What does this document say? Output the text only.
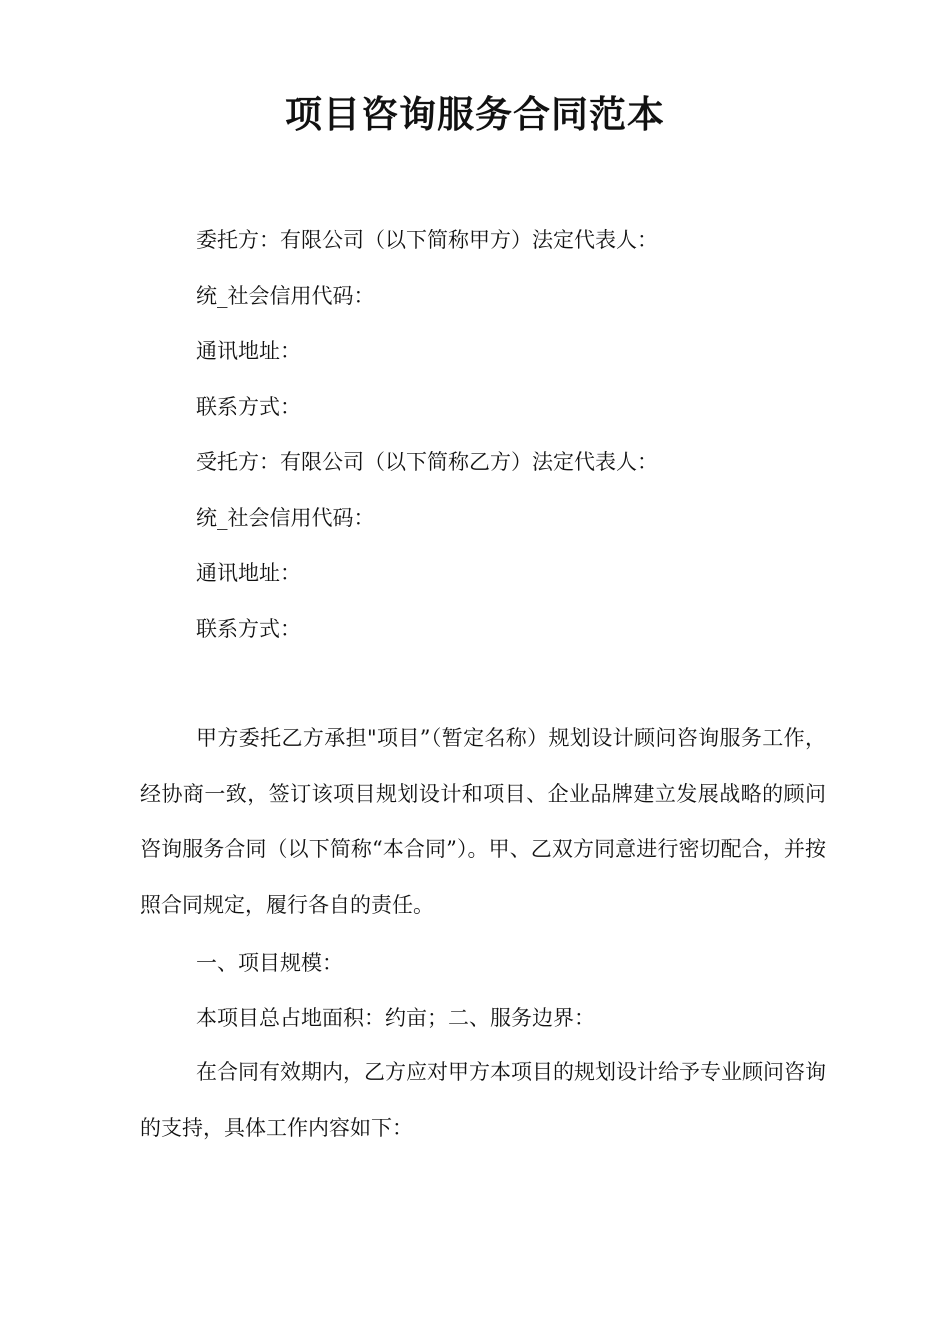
项目咨询服务合同范本

委托方：有限公司（以下简称甲方）法定代表人：

统_社会信用代码：

通讯地址：

联系方式：

受托方：有限公司（以下简称乙方）法定代表人：

统_社会信用代码：

通讯地址：

联系方式：

甲方委托乙方承担"项目”（暂定名称）规划设计顾问咨询服务工作，经协商一致，签订该项目规划设计和项目、企业品牌建立发展战略的顾问咨询服务合同（以下简称“本合同”）。甲、乙双方同意进行密切配合，并按照合同规定，履行各自的责任。

一、项目规模：

本项目总占地面积：约亩；二、服务边界：

在合同有效期内，乙方应对甲方本项目的规划设计给予专业顾问咨询的支持，具体工作内容如下：
